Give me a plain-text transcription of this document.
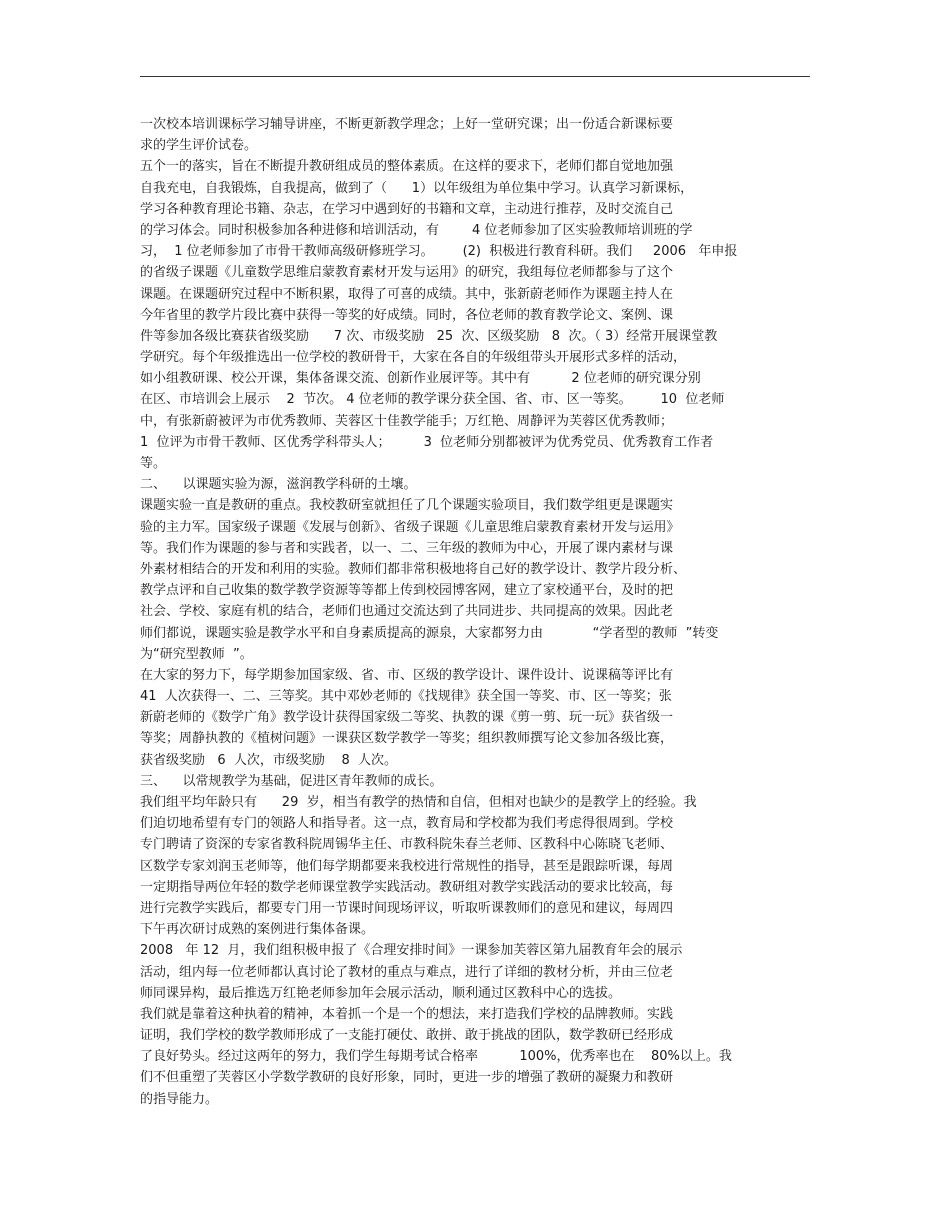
一次校本培训课标学习辅导讲座，不断更新教学理念；上好一堂研究课；出一份适合新课标要
求的学生评价试卷。
五个一的落实，旨在不断提升教研组成员的整体素质。在这样的要求下，老师们都自觉地加强
自我充电，自我锻炼，自我提高，做到了（      1）以年级组为单位集中学习。认真学习新课标，
学习各种教育理论书籍、杂志，在学习中遇到好的书籍和文章，主动进行推荐，及时交流自己
的学习体会。同时积极参加各种进修和培训活动，有        4 位老师参加了区实验教师培训班的学
习，  1 位老师参加了市骨干教师高级研修班学习。       (2)  积极进行教育科研。我们     2006   年申报
的省级子课题《儿童数学思维启蒙教育素材开发与运用》的研究，我组每位老师都参与了这个
课题。在课题研究过程中不断积累，取得了可喜的成绩。其中，张新蔚老师作为课题主持人在
今年省里的教学片段比赛中获得一等奖的好成绩。同时，各位老师的教育教学论文、案例、课
件等参加各级比赛获省级奖励      7 次、市级奖励   25  次、区级奖励   8  次。（ 3）经常开展课堂教
学研究。每个年级推选出一位学校的教研骨干，大家在各自的年级组带头开展形式多样的活动，
如小组教研课、校公开课，集体备课交流、创新作业展评等。其中有          2 位老师的研究课分别
在区、市培训会上展示    2  节次。 4 位老师的教学课分获全国、省、市、区一等奖。       10  位老师
中，有张新蔚被评为市优秀教师、芙蓉区十佳教学能手；万红艳、周静评为芙蓉区优秀教师；
1  位评为市骨干教师、区优秀学科带头人；        3  位老师分别都被评为优秀党员、优秀教育工作者
等。
二、    以课题实验为源，滋润教学科研的土壤。
课题实验一直是教研的重点。我校教研室就担任了几个课题实验项目，我们数学组更是课题实
验的主力军。国家级子课题《发展与创新》、省级子课题《儿童思维启蒙教育素材开发与运用》
等。我们作为课题的参与者和实践者，以一、二、三年级的教师为中心，开展了课内素材与课
外素材相结合的开发和利用的实验。教师们都非常积极地将自己好的教学设计、教学片段分析、
教学点评和自己收集的数学教学资源等等都上传到校园博客网，建立了家校通平台，及时的把
社会、学校、家庭有机的结合，老师们也通过交流达到了共同进步、共同提高的效果。因此老
师们都说，课题实验是教学水平和自身素质提高的源泉，大家都努力由            “学者型的教师  ”转变
为“研究型教师  ”。
在大家的努力下，每学期参加国家级、省、市、区级的教学设计、课件设计、说课稿等评比有
41  人次获得一、二、三等奖。其中邓妙老师的《找规律》获全国一等奖、市、区一等奖；张
新蔚老师的《数学广角》教学设计获得国家级二等奖、执教的课《剪一剪、玩一玩》获省级一
等奖；周静执教的《植树问题》一课获区数学教学一等奖；组织教师撰写论文参加各级比赛，
获省级奖励   6  人次，市级奖励    8  人次。
三、    以常规教学为基础，促进区青年教师的成长。
我们组平均年龄只有      29  岁，相当有教学的热情和自信，但相对也缺少的是教学上的经验。我
们迫切地希望有专门的领路人和指导者。这一点，教育局和学校都为我们考虑得很周到。学校
专门聘请了资深的专家省教科院周锡华主任、市教科院朱春兰老师、区教科中心陈晓飞老师、
区数学专家刘润玉老师等，他们每学期都要来我校进行常规性的指导，甚至是跟踪听课，每周
一定期指导两位年轻的数学老师课堂教学实践活动。教研组对教学实践活动的要求比较高，每
进行完教学实践后，都要专门用一节课时间现场评议，听取听课教师们的意见和建议，每周四
下午再次研讨成熟的案例进行集体备课。
2008   年 12  月，我们组积极申报了《合理安排时间》一课参加芙蓉区第九届教育年会的展示
活动，组内每一位老师都认真讨论了教材的重点与难点，进行了详细的教材分析，并由三位老
师同课异构，最后推选万红艳老师参加年会展示活动，顺利通过区教科中心的选拔。
我们就是靠着这种执着的精神，本着抓一个是一个的想法，来打造我们学校的品牌教师。实践
证明，我们学校的数学教师形成了一支能打硬仗、敢拼、敢于挑战的团队，数学教研已经形成
了良好势头。经过这两年的努力，我们学生每期考试合格率          100%，优秀率也在    80%以上。我
们不但重塑了芙蓉区小学数学教研的良好形象，同时，更进一步的增强了教研的凝聚力和教研
的指导能力。
